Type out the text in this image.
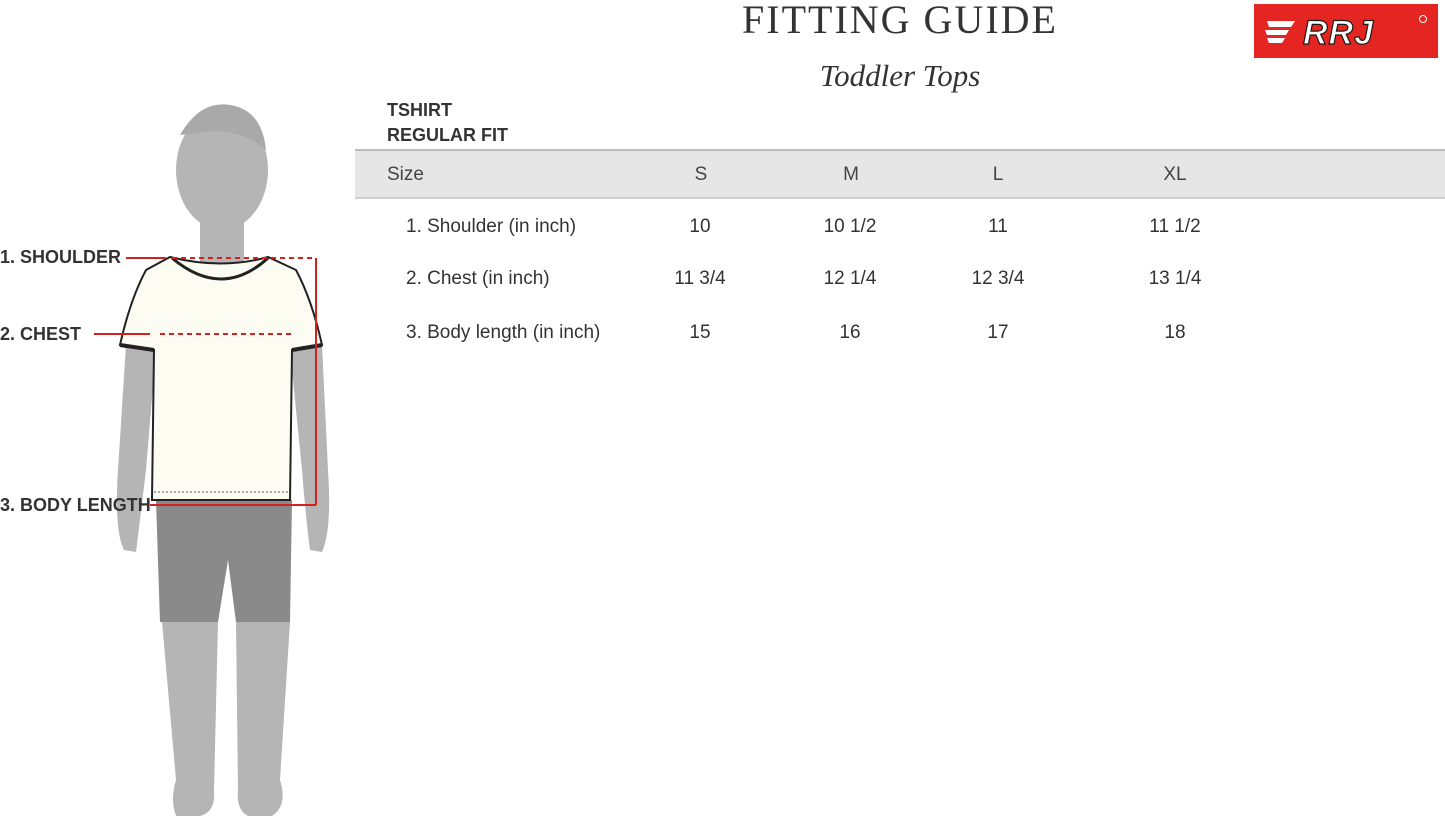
FITTING GUIDE
Toddler Tops
RRJ
TSHIRT
REGULAR FIT
Size	S	M	L	XL
1. Shoulder (in inch)	10	10 1/2	11	11 1/2
2. Chest (in inch)	11 3/4	12 1/4	12 3/4	13 1/4
3. Body length (in inch)	15	16	17	18
1. SHOULDER
2. CHEST
3. BODY LENGTH
